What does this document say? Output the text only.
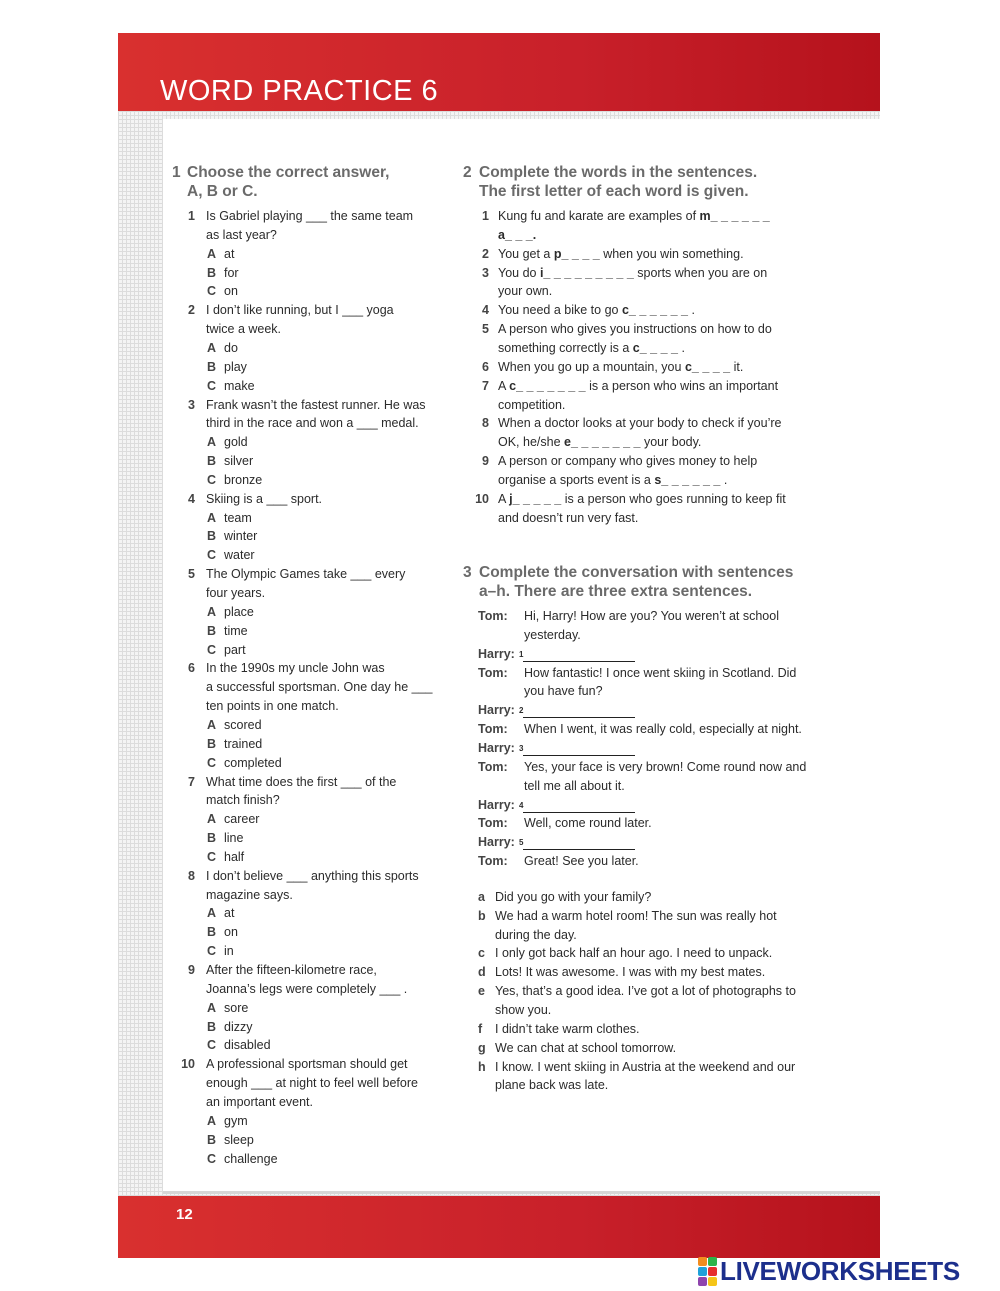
WORD PRACTICE 6
1 Choose the correct answer,
A, B or C.
1 Is Gabriel playing ___ the same team
as last year?
A at
B for
C on
2 I don’t like running, but I ___ yoga
twice a week.
A do
B play
C make
3 Frank wasn’t the fastest runner. He was
third in the race and won a ___ medal.
A gold
B silver
C bronze
4 Skiing is a ___ sport.
A team
B winter
C water
5 The Olympic Games take ___ every
four years.
A place
B time
C part
6 In the 1990s my uncle John was
a successful sportsman. One day he ___
ten points in one match.
A scored
B trained
C completed
7 What time does the first ___ of the
match finish?
A career
B line
C half
8 I don’t believe ___ anything this sports
magazine says.
A at
B on
C in
9 After the fifteen-kilometre race,
Joanna’s legs were completely ___ .
A sore
B dizzy
C disabled
10 A professional sportsman should get
enough ___ at night to feel well before
an important event.
A gym
B sleep
C challenge
2 Complete the words in the sentences.
The first letter of each word is given.
1 Kung fu and karate are examples of m_ _ _ _ _ _
a_ _ _.
2 You get a p_ _ _ _ when you win something.
3 You do i_ _ _ _ _ _ _ _ _ sports when you are on
your own.
4 You need a bike to go c_ _ _ _ _ _ .
5 A person who gives you instructions on how to do
something correctly is a c_ _ _ _ .
6 When you go up a mountain, you c_ _ _ _ it.
7 A c_ _ _ _ _ _ _ is a person who wins an important
competition.
8 When a doctor looks at your body to check if you’re
OK, he/she e_ _ _ _ _ _ _ your body.
9 A person or company who gives money to help
organise a sports event is a s_ _ _ _ _ _ .
10 A j_ _ _ _ _ is a person who goes running to keep fit
and doesn’t run very fast.
3 Complete the conversation with sentences
a–h. There are three extra sentences.
Tom: Hi, Harry! How are you? You weren’t at school
yesterday.
Harry: $^1$
Tom: How fantastic! I once went skiing in Scotland. Did
you have fun?
Harry: $^2$
Tom: When I went, it was really cold, especially at night.
Harry: $^3$
Tom: Yes, your face is very brown! Come round now and
tell me all about it.
Harry: $^4$
Tom: Well, come round later.
Harry: $^5$
Tom: Great! See you later.
a Did you go with your family?
b We had a warm hotel room! The sun was really hot
during the day.
c I only got back half an hour ago. I need to unpack.
d Lots! It was awesome. I was with my best mates.
e Yes, that’s a good idea. I’ve got a lot of photographs to
show you.
f I didn’t take warm clothes.
g We can chat at school tomorrow.
h I know. I went skiing in Austria at the weekend and our
plane back was late.
12
LIVEWORKSHEETS
